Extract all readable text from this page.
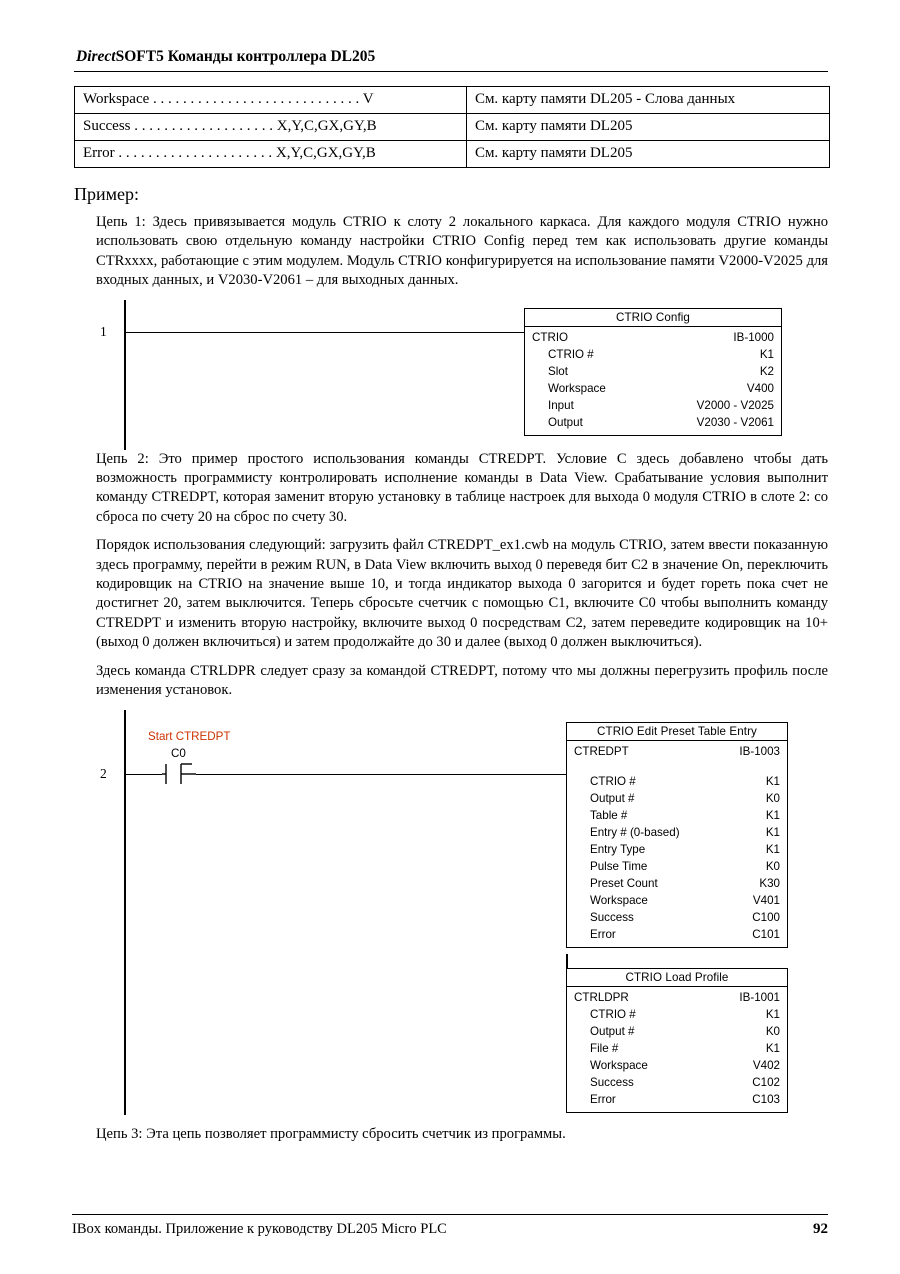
DirectSOFT5 Команды контроллера DL205
Workspace . . . . . . . . . . . . . . . . . . . . . . . . . . . . V	См. карту памяти DL205 - Слова данных
Success . . . . . . . . . . . . . . . . . . . X,Y,C,GX,GY,B	См. карту памяти DL205
Error . . . . . . . . . . . . . . . . . . . . . X,Y,C,GX,GY,B	См. карту памяти DL205
Пример:

Цепь 1: Здесь привязывается модуль CTRIO к слоту 2 локального каркаса. Для каждого модуля CTRIO нужно использовать свою отдельную команду настройки CTRIO Config перед тем как использовать другие команды CTRxxxx, работающие с этим модулем. Модуль CTRIO конфигурируется на использование памяти V2000-V2025 для входных данных, и V2030-V2061 – для выходных данных.

1
CTRIO Config
CTRIO	IB-1000
CTRIO #	K1
Slot	K2
Workspace	V400
Input	V2000 - V2025
Output	V2030 - V2061

Цепь 2: Это пример простого использования команды CTREDPT. Условие С здесь добавлено чтобы дать возможность программисту контролировать исполнение команды в Data View. Срабатывание условия выполнит команду CTREDPT, которая заменит вторую установку в таблице настроек для выхода 0 модуля CTRIO в слоте 2: со сброса по счету 20 на сброс по счету 30.

Порядок использования следующий: загрузить файл CTREDPT_ex1.cwb на модуль CTRIO, затем ввести показанную здесь программу, перейти в режим RUN, в Data View включить выход 0 переведя бит С2 в значение On, переключить кодировщик на CTRIO на значение выше 10, и тогда индикатор выхода 0 загорится и будет гореть пока счет не достигнет 20, затем выключится. Теперь сбросьте счетчик с помощью С1, включите С0 чтобы выполнить команду CTREDPT и изменить вторую настройку, включите выход 0 посредствам С2, затем переведите кодировщик на 10+ (выход 0 должен включиться) и затем продолжайте до 30 и далее (выход 0 должен выключиться).

Здесь команда CTRLDPR следует сразу за командой CTREDPT, потому что мы должны перегрузить профиль после изменения установок.

2
Start CTREDPT
C0
CTRIO Edit Preset Table Entry
CTREDPT	IB-1003
CTRIO #	K1
Output #	K0
Table #	K1
Entry # (0-based)	K1
Entry Type	K1
Pulse Time	K0
Preset Count	K30
Workspace	V401
Success	C100
Error	C101
CTRIO Load Profile
CTRLDPR	IB-1001
CTRIO #	K1
Output #	K0
File #	K1
Workspace	V402
Success	C102
Error	C103

Цепь 3: Эта цепь позволяет программисту сбросить счетчик из программы.

IBox команды. Приложение к руководству DL205 Micro PLC	92
